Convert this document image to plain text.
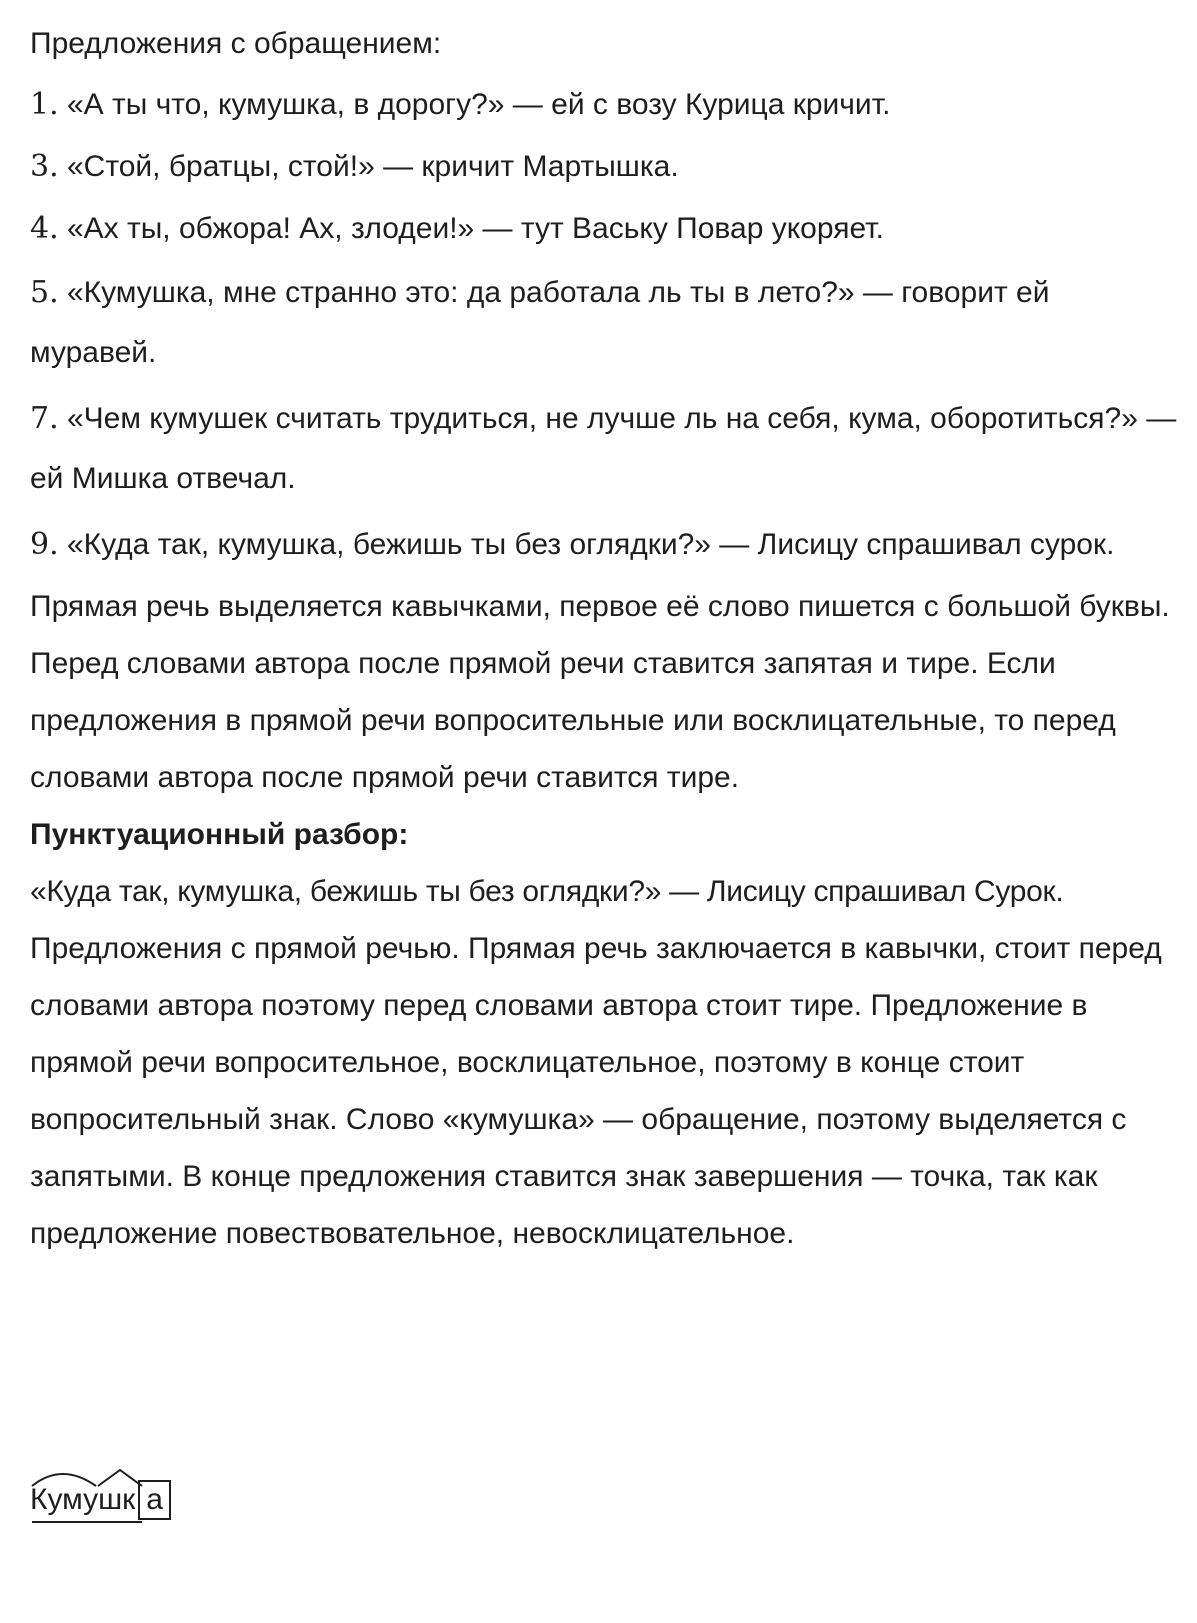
Предложения с обращением:

1. «А ты что, кумушка, в дорогу?» — ей с возу Курица кричит.

3. «Стой, братцы, стой!» — кричит Мартышка.

4. «Ах ты, обжора! Ах, злодеи!» — тут Ваську Повар укоряет.

5. «Кумушка, мне странно это: да работала ль ты в лето?» — говорит ей муравей.

7. «Чем кумушек считать трудиться, не лучше ль на себя, кума, оборотиться?» — ей Мишка отвечал.

9. «Куда так, кумушка, бежишь ты без оглядки?» — Лисицу спрашивал сурок.

Прямая речь выделяется кавычками, первое её слово пишется с большой буквы. Перед словами автора после прямой речи ставится запятая и тире. Если предложения в прямой речи вопросительные или восклицательные, то перед словами автора после прямой речи ставится тире.

Пунктуационный разбор:

«Куда так, кумушка, бежишь ты без оглядки?» — Лисицу спрашивал Сурок.

Предложения с прямой речью. Прямая речь заключается в кавычки, стоит перед словами автора поэтому перед словами автора стоит тире. Предложение в прямой речи вопросительное, восклицательное, поэтому в конце стоит вопросительный знак. Слово «кумушка» — обращение, поэтому выделяется с запятыми. В конце предложения ставится знак завершения — точка, так как предложение повествовательное, невосклицательное.

Кумушк а
